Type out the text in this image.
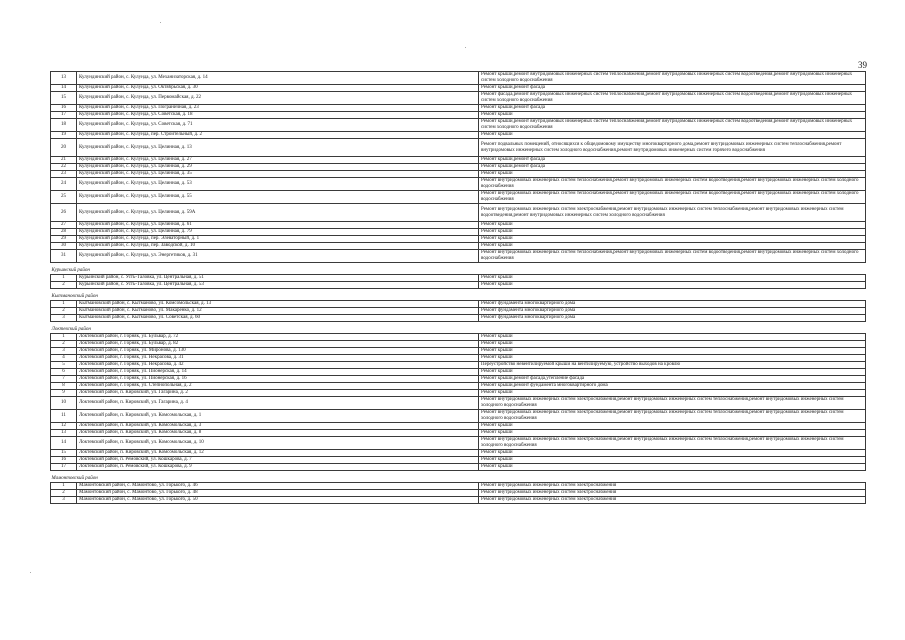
39
13	Кулундинский район, с. Кулунда, ул. Механизаторская, д. 14	Ремонт крыши,ремонт внутридомовых инженерных систем теплоснабжения,ремонт внутридомовых инженерных систем водоотведения,ремонт внутридомовых инженерных систем холодного водоснабжения
14	Кулундинский район, с. Кулунда, ул. Октябрьская, д. 30	Ремонт крыши,ремонт фасада
15	Кулундинский район, с. Кулунда, ул. Первомайская, д. 22	Ремонт фасада,ремонт внутридомовых инженерных систем теплоснабжения,ремонт внутридомовых инженерных систем водоотведения,ремонт внутридомовых инженерных систем холодного водоснабжения
16	Кулундинский район, с. Кулунда, ул. Пограничная, д. 23	Ремонт крыши,ремонт фасада
17	Кулундинский район, с. Кулунда, ул. Советская, д. 18	Ремонт крыши
18	Кулундинский район, с. Кулунда, ул. Советская, д. 71	Ремонт крыши,ремонт внутридомовых инженерных систем теплоснабжения,ремонт внутридомовых инженерных систем водоотведения,ремонт внутридомовых инженерных систем холодного водоснабжения
19	Кулундинский район, с. Кулунда, пер. Строительный, д. 2	Ремонт крыши
20	Кулундинский район, с. Кулунда, ул. Целинная, д. 13	Ремонт подвальных помещений, относящихся к общедомовому имуществу многоквартирного дома,ремонт внутридомовых инженерных систем теплоснабжения,ремонт внутридомовых инженерных систем холодного водоснабжения,ремонт внутридомовых инженерных систем горячего водоснабжения
21	Кулундинский район, с. Кулунда, ул. Целинная, д. 27	Ремонт крыши,ремонт фасада
22	Кулундинский район, с. Кулунда, ул. Целинная, д. 29	Ремонт крыши,ремонт фасада
23	Кулундинский район, с. Кулунда, ул. Целинная, д. 35	Ремонт крыши
24	Кулундинский район, с. Кулунда, ул. Целинная, д. 53	Ремонт внутридомовых инженерных систем теплоснабжения,ремонт внутридомовых инженерных систем водоотведения,ремонт внутридомовых инженерных систем холодного водоснабжения
25	Кулундинский район, с. Кулунда, ул. Целинная, д. 55	Ремонт внутридомовых инженерных систем теплоснабжения,ремонт внутридомовых инженерных систем водоотведения,ремонт внутридомовых инженерных систем холодного водоснабжения
26	Кулундинский район, с. Кулунда, ул. Целинная, д. 59А	Ремонт внутридомовых инженерных систем электроснабжения,ремонт внутридомовых инженерных систем теплоснабжения,ремонт внутридомовых инженерных систем водоотведения,ремонт внутридомовых инженерных систем холодного водоснабжения
27	Кулундинский район, с. Кулунда, ул. Целинная, д. 61	Ремонт крыши
28	Кулундинский район, с. Кулунда, ул. Целинная, д. 79	Ремонт крыши
29	Кулундинский район, с. Кулунда, пер. Элеваторный, д. 1	Ремонт крыши
30	Кулундинский район, с. Кулунда, пер. Заводской, д. 10	Ремонт крыши
31	Кулундинский район, с. Кулунда, ул. Энергетиков, д. 31	Ремонт внутридомовых инженерных систем теплоснабжения,ремонт внутридомовых инженерных систем водоотведения,ремонт внутридомовых инженерных систем холодного водоснабжения
Курьинский район		
1	Курьинский район, с. Усть-Таловка, ул. Центральная, д. 51	Ремонт крыши
2	Курьинский район, с. Усть-Таловка, ул. Центральная, д. 53	Ремонт крыши
Кытмановский район		
1	Кытмановский район, с. Кытманово, ул. Комсомольская, д. 13	Ремонт фундамента многоквартирного дома
2	Кытмановский район, с. Кытманово, ул. Макаренко, д. 12	Ремонт фундамента многоквартирного дома
3	Кытмановский район, с. Кытманово, ул. Советская, д. 60	Ремонт фундамента многоквартирного дома
Локтевский район		
1	Локтевский район, г. Горняк, ул. Бульвар, д. 72	Ремонт крыши
2	Локтевский район, г. Горняк, ул. Бульвар, д. 82	Ремонт крыши
3	Локтевский район, г. Горняк, ул. Миронова, д. 130	Ремонт крыши
4	Локтевский район, г. Горняк, ул. Некрасова, д. 31	Ремонт крыши
5	Локтевский район, г. Горняк, ул. Некрасова, д. 42	Переустройство невентилируемой крыши на вентилируемую, устройство выходов на кровлю
6	Локтевский район, г. Горняк, ул. Пионерская, д. 14	Ремонт крыши
7	Локтевский район, г. Горняк, ул. Пионерская, д. 16	Ремонт крыши,ремонт фасада,утепление фасада
8	Локтевский район, г. Горняк, ул. Степнопольная, д. 2	Ремонт крыши,ремонт фундамента многоквартирного дома
9	Локтевский район, п. Кировский, ул. Гагарина, д. 2	Ремонт крыши
10	Локтевский район, п. Кировский, ул. Гагарина, д. 4	Ремонт внутридомовых инженерных систем электроснабжения,ремонт внутридомовых инженерных систем теплоснабжения,ремонт внутридомовых инженерных систем холодного водоснабжения
11	Локтевский район, п. Кировский, ул. Комсомольская, д. 1	Ремонт внутридомовых инженерных систем электроснабжения,ремонт внутридомовых инженерных систем теплоснабжения,ремонт внутридомовых инженерных систем холодного водоснабжения
12	Локтевский район, п. Кировский, ул. Комсомольская, д. 3	Ремонт крыши
13	Локтевский район, п. Кировский, ул. Комсомольская, д. 8	Ремонт крыши
14	Локтевский район, п. Кировский, ул. Комсомольская, д. 10	Ремонт внутридомовых инженерных систем электроснабжения,ремонт внутридомовых инженерных систем теплоснабжения,ремонт внутридомовых инженерных систем холодного водоснабжения
15	Локтевский район, п. Кировский, ул. Комсомольская, д. 12	Ремонт крыши
16	Локтевский район, п. Ремовский, ул. Кошкарова, д. 7	Ремонт крыши
17	Локтевский район, п. Ремовский, ул. Кошкарова, д. 9	Ремонт крыши
Мамонтовский район		
1	Мамонтовский район, с. Мамонтово, ул. Горького, д. 46	Ремонт внутридомовых инженерных систем электроснабжения
2	Мамонтовский район, с. Мамонтово, ул. Горького, д. 48	Ремонт внутридомовых инженерных систем электроснабжения
3	Мамонтовский район, с. Мамонтово, ул. Горького, д. 50	Ремонт внутридомовых инженерных систем электроснабжения
